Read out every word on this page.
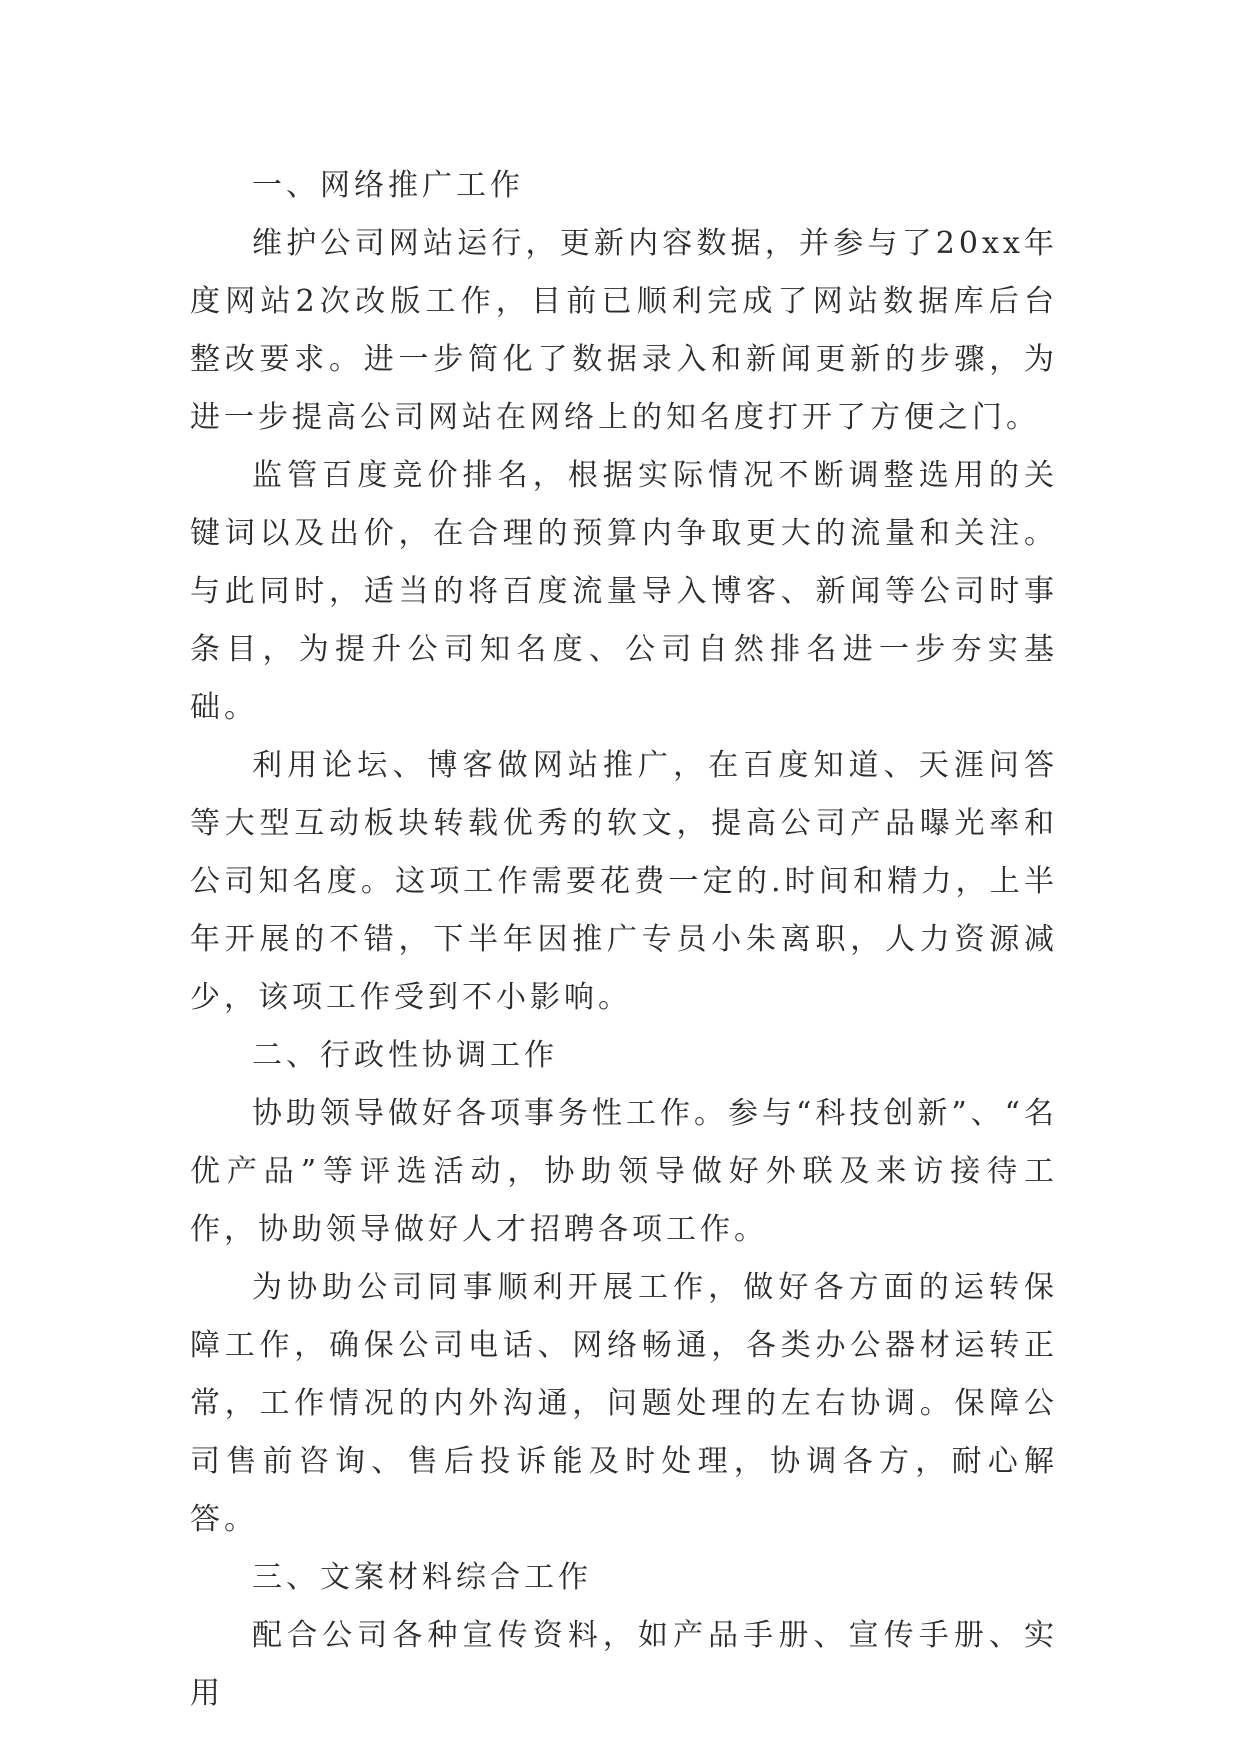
一、网络推广工作

维护公司网站运行，更新内容数据，并参与了20xx年度网站2次改版工作，目前已顺利完成了网站数据库后台整改要求。进一步简化了数据录入和新闻更新的步骤，为进一步提高公司网站在网络上的知名度打开了方便之门。

监管百度竞价排名，根据实际情况不断调整选用的关键词以及出价，在合理的预算内争取更大的流量和关注。与此同时，适当的将百度流量导入博客、新闻等公司时事条目，为提升公司知名度、公司自然排名进一步夯实基础。

利用论坛、博客做网站推广，在百度知道、天涯问答等大型互动板块转载优秀的软文，提高公司产品曝光率和公司知名度。这项工作需要花费一定的.时间和精力，上半年开展的不错，下半年因推广专员小朱离职，人力资源减少，该项工作受到不小影响。

二、行政性协调工作

协助领导做好各项事务性工作。参与“科技创新”、“名优产品”等评选活动，协助领导做好外联及来访接待工作，协助领导做好人才招聘各项工作。

为协助公司同事顺利开展工作，做好各方面的运转保障工作，确保公司电话、网络畅通，各类办公器材运转正常，工作情况的内外沟通，问题处理的左右协调。保障公司售前咨询、售后投诉能及时处理，协调各方，耐心解答。

三、文案材料综合工作

配合公司各种宣传资料，如产品手册、宣传手册、实用
